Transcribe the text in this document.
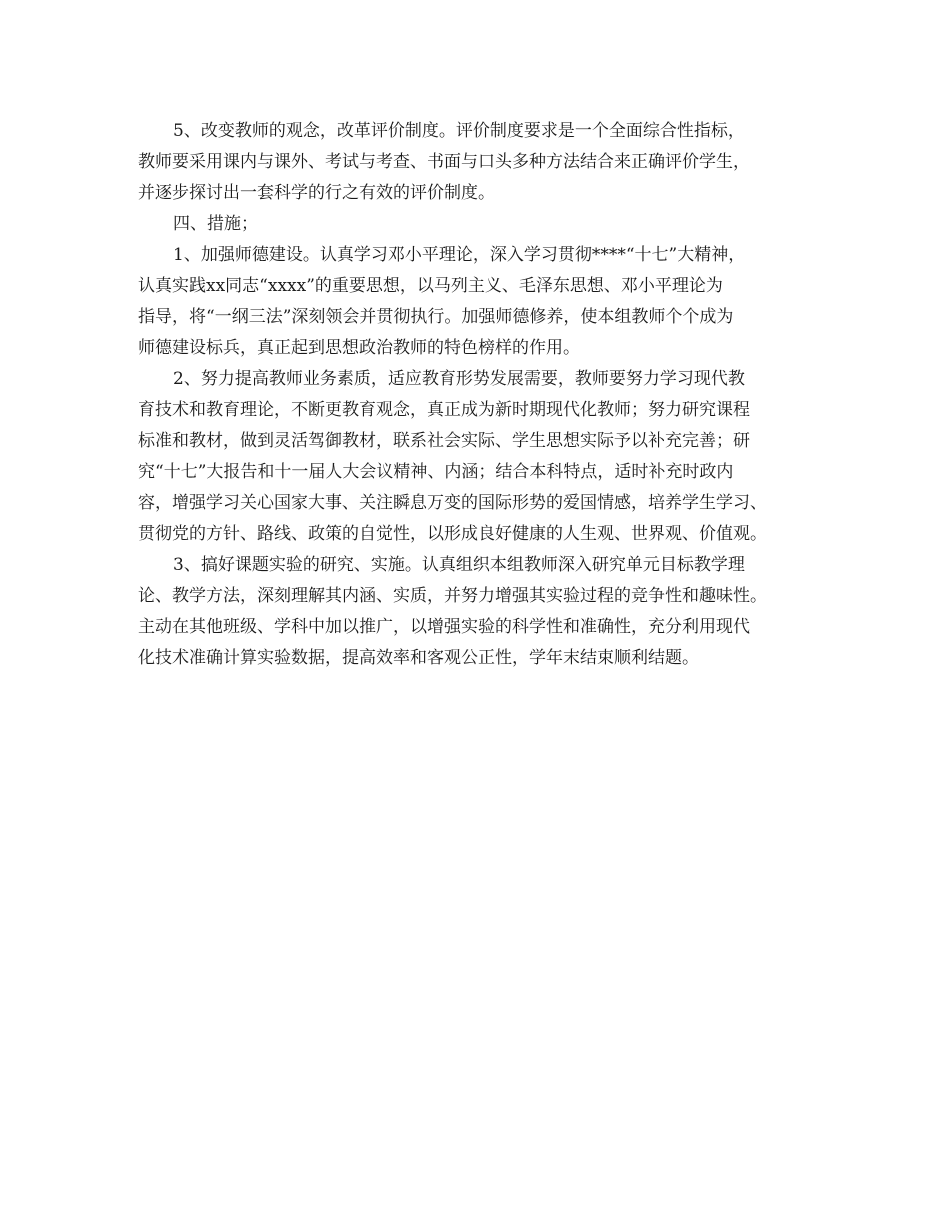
5、改变教师的观念，改革评价制度。评价制度要求是一个全面综合性指标，
教师要采用课内与课外、考试与考查、书面与口头多种方法结合来正确评价学生，
并逐步探讨出一套科学的行之有效的评价制度。
四、措施；
1、加强师德建设。认真学习邓小平理论，深入学习贯彻****“十七”大精神，
认真实践xx同志“xxxx”的重要思想，以马列主义、毛泽东思想、邓小平理论为
指导，将“一纲三法”深刻领会并贯彻执行。加强师德修养，使本组教师个个成为
师德建设标兵，真正起到思想政治教师的特色榜样的作用。
2、努力提高教师业务素质，适应教育形势发展需要，教师要努力学习现代教
育技术和教育理论，不断更教育观念，真正成为新时期现代化教师；努力研究课程
标准和教材，做到灵活驾御教材，联系社会实际、学生思想实际予以补充完善；研
究“十七”大报告和十一届人大会议精神、内涵；结合本科特点，适时补充时政内
容，增强学习关心国家大事、关注瞬息万变的国际形势的爱国情感，培养学生学习、
贯彻党的方针、路线、政策的自觉性，以形成良好健康的人生观、世界观、价值观。
3、搞好课题实验的研究、实施。认真组织本组教师深入研究单元目标教学理
论、教学方法，深刻理解其内涵、实质，并努力增强其实验过程的竞争性和趣味性。
主动在其他班级、学科中加以推广，以增强实验的科学性和准确性，充分利用现代
化技术准确计算实验数据，提高效率和客观公正性，学年末结束顺利结题。
